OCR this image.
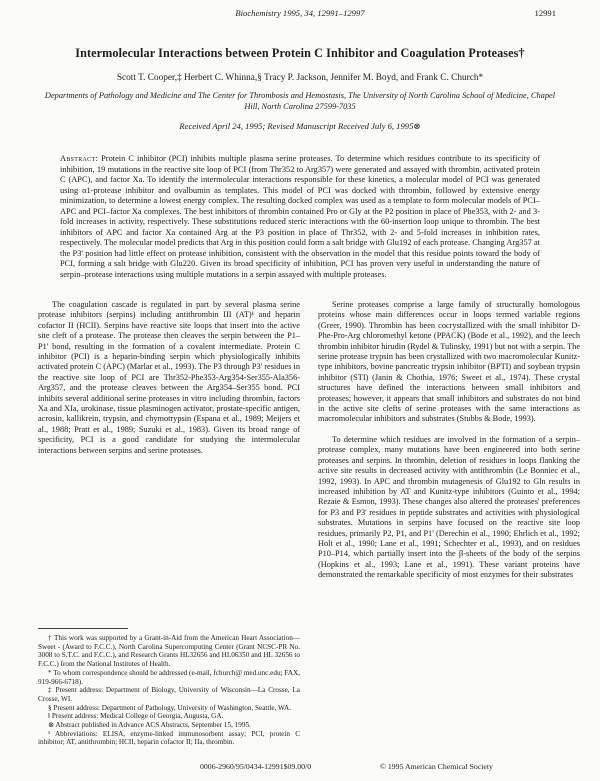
Biochemistry 1995, 34, 12991–12997	12991
Intermolecular Interactions between Protein C Inhibitor and Coagulation Proteases†
Scott T. Cooper,‡ Herbert C. Whinna,§ Tracy P. Jackson, Jennifer M. Boyd, and Frank C. Church*
Departments of Pathology and Medicine and The Center for Thrombosis and Hemostasis, The University of North Carolina School of Medicine, Chapel Hill, North Carolina 27599-7035
Received April 24, 1995; Revised Manuscript Received July 6, 1995⊗
Abstract: Protein C inhibitor (PCI) inhibits multiple plasma serine proteases. To determine which residues contribute to its specificity of inhibition, 19 mutations in the reactive site loop of PCI (from Thr352 to Arg357) were generated and assayed with thrombin, activated protein C (APC), and factor Xa. To identify the intermolecular interactions responsible for these kinetics, a molecular model of PCI was generated using α1-protease inhibitor and ovalbumin as templates. This model of PCI was docked with thrombin, followed by extensive energy minimization, to determine a lowest energy complex. The resulting docked complex was used as a template to form molecular models of PCI–APC and PCI–factor Xa complexes. The best inhibitors of thrombin contained Pro or Gly at the P2 position in place of Phe353, with 2- and 3-fold increases in activity, respectively. These substitutions reduced steric interactions with the 60-insertion loop unique to thrombin. The best inhibitors of APC and factor Xa contained Arg at the P3 position in place of Thr352, with 2- and 5-fold increases in inhibition rates, respectively. The molecular model predicts that Arg in this position could form a salt bridge with Glu192 of each protease. Changing Arg357 at the P3' position had little effect on protease inhibition, consistent with the observation in the model that this residue points toward the body of PCI, forming a salt bridge with Glu220. Given its broad specificity of inhibition, PCI has proven very useful in understanding the nature of serpin–protease interactions using multiple mutations in a serpin assayed with multiple proteases.

The coagulation cascade is regulated in part by several plasma serine protease inhibitors (serpins) including antithrombin III (AT)¹ and heparin cofactor II (HCII). Serpins have reactive site loops that insert into the active site cleft of a protease. The protease then cleaves the serpin between the P1–P1' bond, resulting in the formation of a covalent intermediate. Protein C inhibitor (PCI) is a heparin-binding serpin which physiologically inhibits activated protein C (APC) (Marlar et al., 1993). The P3 through P3' residues in the reactive site loop of PCI are Thr352-Phe353-Arg354-Ser355-Ala356-Arg357, and the protease cleaves between the Arg354–Ser355 bond. PCI inhibits several additional serine proteases in vitro including thrombin, factors Xa and XIa, urokinase, tissue plasminogen activator, prostate-specific antigen, acrosin, kallikrein, trypsin, and chymotrypsin (Espana et al., 1989; Meijers et al., 1988; Pratt et al., 1989; Suzuki et al., 1983). Given its broad range of specificity, PCI is a good candidate for studying the intermolecular interactions between serpins and serine proteases.

Serine proteases comprise a large family of structurally homologous proteins whose main differences occur in loops termed variable regions (Greer, 1990). Thrombin has been cocrystallized with the small inhibitor D-Phe-Pro-Arg chloromethyl ketone (PPACK) (Bode et al., 1992), and the leech thrombin inhibitor hirudin (Rydel & Tulinsky, 1991) but not with a serpin. The serine protease trypsin has been crystallized with two macromolecular Kunitz-type inhibitors, bovine pancreatic trypsin inhibitor (BPTI) and soybean trypsin inhibitor (STI) (Janin & Chothia, 1976; Sweet et al., 1974). These crystal structures have defined the interactions between small inhibitors and proteases; however, it appears that small inhibitors and substrates do not bind in the active site clefts of serine proteases with the same interactions as macromolecular inhibitors and substrates (Stubbs & Bode, 1993).

To determine which residues are involved in the formation of a serpin–protease complex, many mutations have been engineered into both serine proteases and serpins. In thrombin, deletion of residues in loops flanking the active site results in decreased activity with antithrombin (Le Bonniec et al., 1992, 1993). In APC and thrombin mutagenesis of Glu192 to Gln results in increased inhibition by AT and Kunitz-type inhibitors (Guinto et al., 1994; Rezaie & Esmon, 1993). These changes also altered the proteases' preferences for P3 and P3' residues in peptide substrates and activities with physiological substrates. Mutations in serpins have focused on the reactive site loop residues, primarily P2, P1, and P1' (Derechin et al., 1990; Ehrlich et al., 1992; Holt et al., 1990; Lane et al., 1991; Schechter et al., 1993), and on residues P10–P14, which partially insert into the β-sheets of the body of the serpins (Hopkins et al., 1993; Lane et al., 1991). These variant proteins have demonstrated the remarkable specificity of most enzymes for their substrates

† This work was supported by a Grant-in-Aid from the American Heart Association—Sweet ‑ (Award to F.C.C.), North Carolina Supercomputing Center (Grant NCSC-PR No. 3008 to S.T.C. and F.C.C.), and Research Grants HL32656 and HL06350 and HL 32656 to F.C.C.) from the National Institutes of Health.

* To whom correspondence should be addressed (e-mail, fchurch@ med.unc.edu; FAX, 919-966-6718).

‡ Present address: Department of Biology, University of Wisconsin—La Crosse, La Crosse, WI.

§ Present address: Department of Pathology, University of Washington, Seattle, WA.

‖ Present address: Medical College of Georgia, Augusta, GA.

⊗ Abstract published in Advance ACS Abstracts, September 15, 1995.

¹ Abbreviations: ELISA, enzyme-linked immunosorbent assay; PCI, protein C inhibitor; AT, antithrombin; HCII, heparin cofactor II; IIa, thrombin.

0006-2960/95/0434-12991$09.00/0	© 1995 American Chemical Society
